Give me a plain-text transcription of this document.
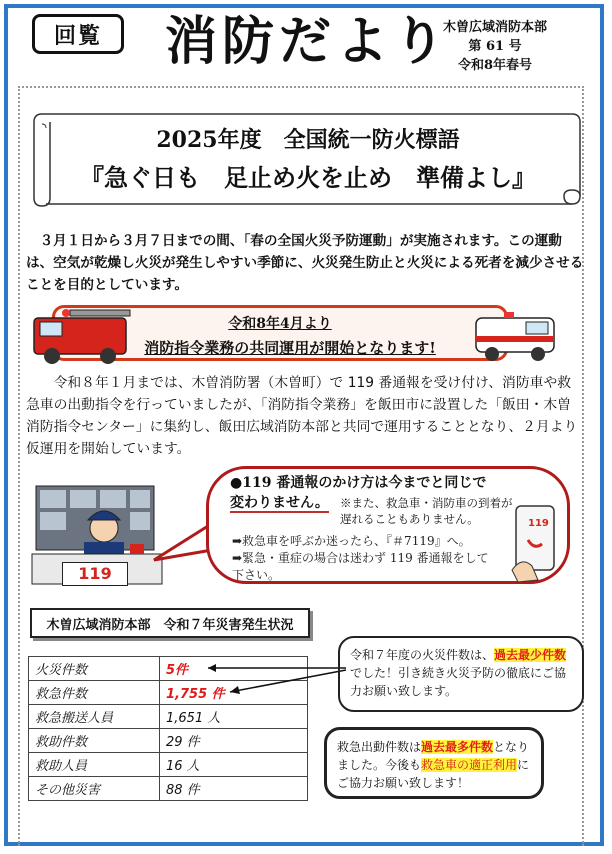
回覧	消防だより
木曽広域消防本部
第 61 号
令和8年春号
2025年度　全国統一防火標語
『急ぐ日も　足止め火を止め　準備よし』
３月１日から３月７日までの間、「春の全国火災予防運動」が実施されます。この運動は、空気が乾燥し火災が発生しやすい季節に、火災発生防止と火災による死者を減少させることを目的としています。
令和8年4月より
消防指令業務の共同運用が開始となります!
令和８年１月までは、木曽消防署（木曽町）で 119 番通報を受け付け、消防車や救急車の出動指令を行っていましたが、「消防指令業務」を飯田市に設置した「飯田・木曽消防指令センター」に集約し、飯田広域消防本部と共同で運用することとなり、２月より仮運用を開始しています。
119
●119 番通報のかけ方は今までと同じで
変わりません。 ※また、救急車・消防車の到着が遅れることもありません。
➡救急車を呼ぶか迷ったら、『＃7119』へ。
➡緊急・重症の場合は迷わず 119 番通報をして下さい。
119
木曽広域消防本部　令和７年災害発生状況
火災件数	5件
救急件数	1,755 件
救急搬送人員	1,651 人
救助件数	29 件
救助人員	16 人
その他災害	88 件
令和７年度の火災件数は、過去最少件数でした！引き続き火災予防の徹底にご協力お願い致します。
救急出動件数は過去最多件数となりました。今後も救急車の適正利用にご協力お願い致します！
